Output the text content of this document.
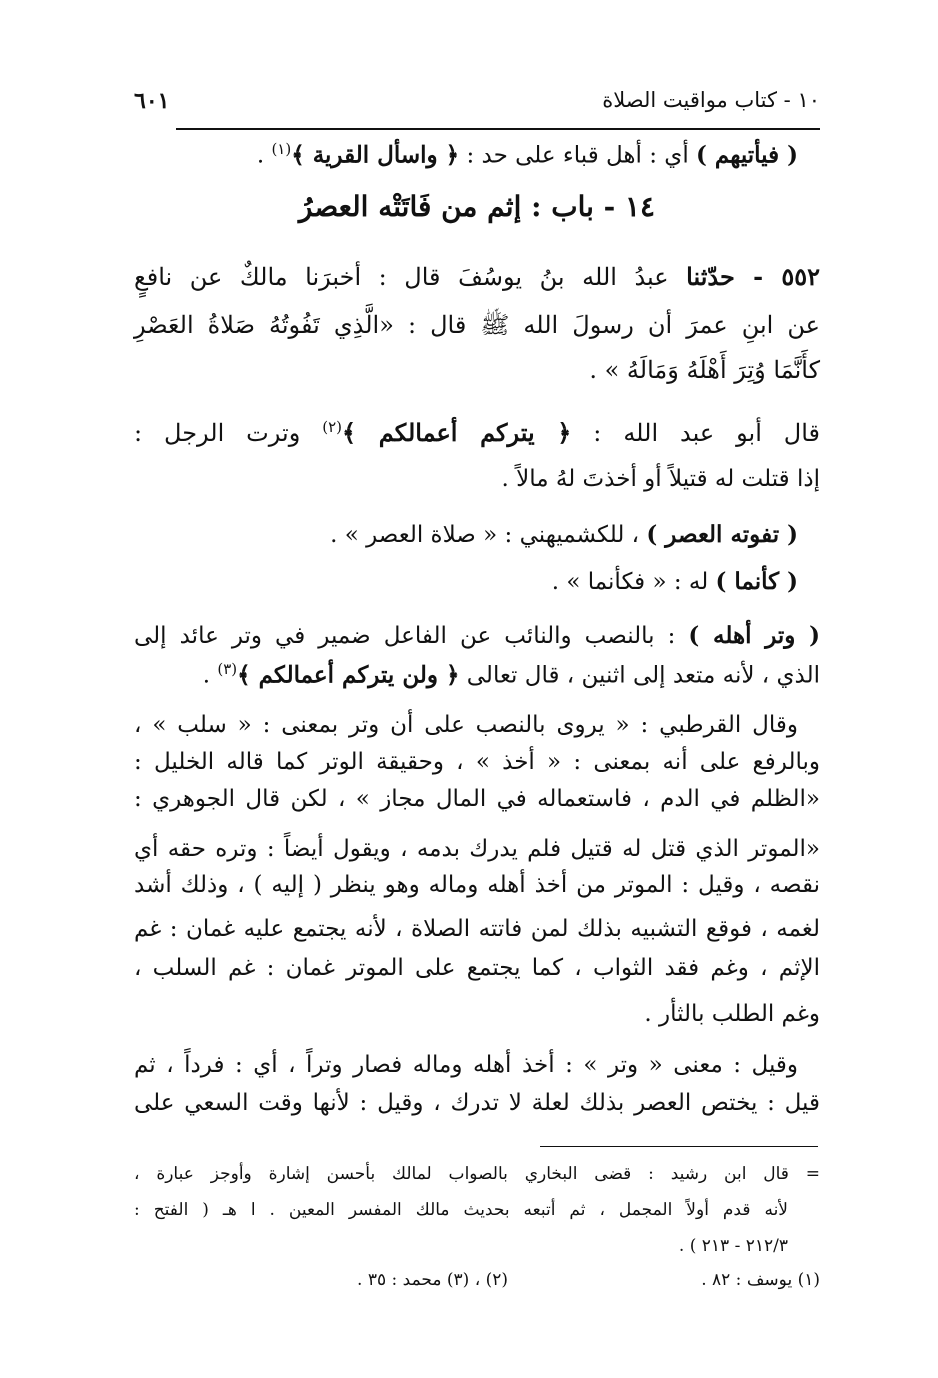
١٠ - كتاب مواقيت الصلاة
٦٠١
( فيأتيهم ) أي : أهل قباء على حد : ﴿ واسأل القرية ﴾$^{(١)}$ .
١٤ - باب : إثم من فَاتَتْه العصرُ
٥٥٢ - حدّثنا عبدُ الله بنُ يوسُفَ قال : أخبرَنا مالكٌ عن نافعٍ
عن ابنِ عمرَ أن رسولَ الله ﷺ قال : «الَّذِي تَفُوتُهُ صَلاةُ العَصْرِ
كأَنَّمَا وُتِرَ أَهْلَهُ وَمَالَهُ » .
قال أبو عبد الله : ﴿ يتركم أعمالكم ﴾$^{(٢)}$ وترت الرجل :
إذا قتلت له قتيلاً أو أخذتَ لهُ مالاً .
( تفوته العصر ) ، للكشميهني : « صلاة العصر » .
( كأنما ) له : « فكأنما » .
( وتر أهله ) : بالنصب والنائب عن الفاعل ضمير في وتر عائد إلى
الذي ، لأنه متعد إلى اثنين ، قال تعالى ﴿ ولن يتركم أعمالكم ﴾$^{(٣)}$ .
وقال القرطبي : « يروى بالنصب على أن وتر بمعنى : « سلب » ،
وبالرفع على أنه بمعنى : « أخذ » ، وحقيقة الوتر كما قاله الخليل :
«الظلم في الدم ، فاستعماله في المال مجاز » ، لكن قال الجوهري :
«الموتر الذي قتل له قتيل فلم يدرك بدمه ، ويقول أيضاً : وتره حقه أي
نقصه ، وقيل : الموتر من أخذ أهله وماله وهو ينظر ( إليه ) ، وذلك أشد
لغمه ، فوقع التشبيه بذلك لمن فاتته الصلاة ، لأنه يجتمع عليه غمان : غم
الإثم ، وغم فقد الثواب ، كما يجتمع على الموتر غمان : غم السلب ،
وغم الطلب بالثأر .
وقيل : معنى « وتر » : أخذ أهله وماله فصار وتراً ، أي : فرداً ، ثم
قيل : يختص العصر بذلك لعلة لا تدرك ، وقيل : لأنها وقت السعي على
= قال ابن رشيد : قضى البخاري بالصواب لمالك بأحسن إشارة وأوجز عبارة ،
لأنه قدم أولاً المجمل ، ثم أتبعه بحديث مالك المفسر المعين . ا هـ ( الفتح :
٢١٢/٣ - ٢١٣ ) .
(١) يوسف : ٨٢ .
(٢) ، (٣) محمد : ٣٥ .
